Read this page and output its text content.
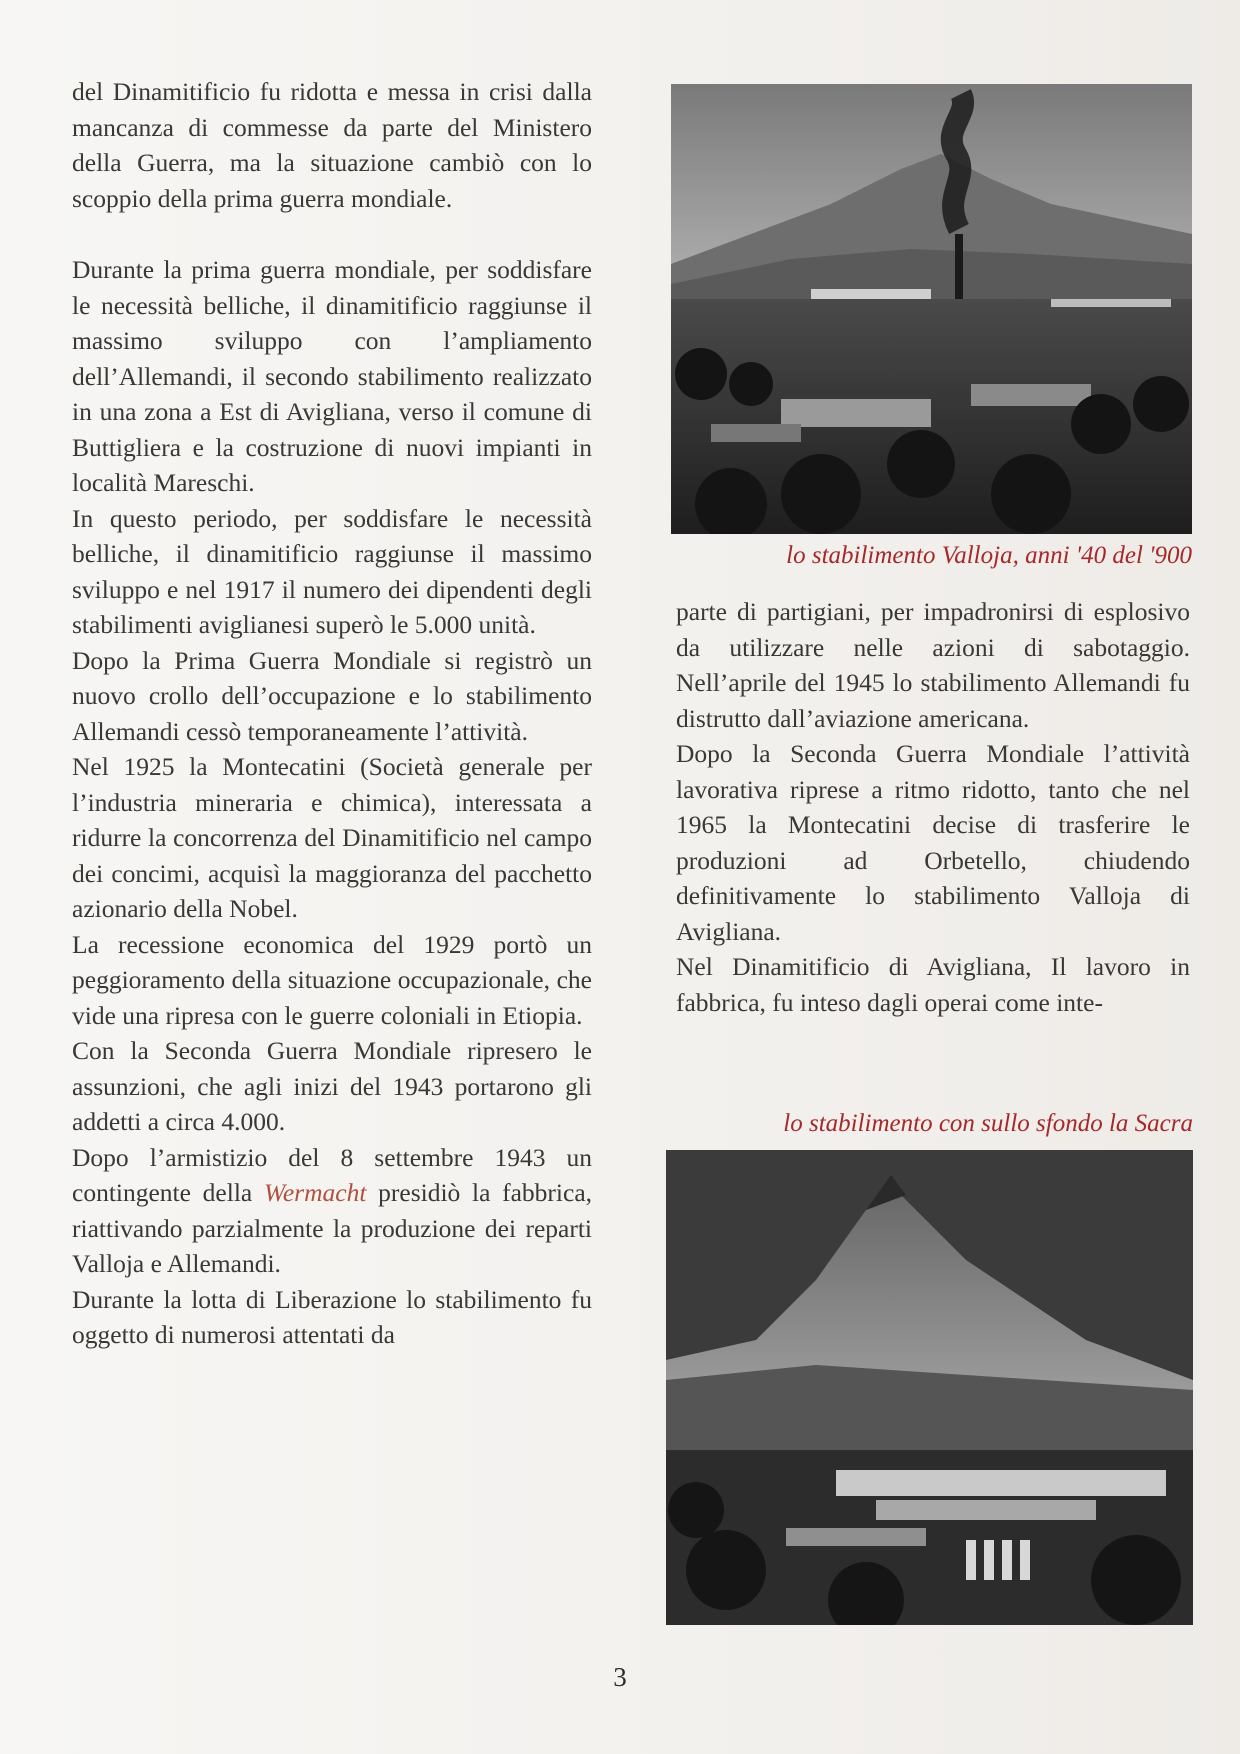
del Dinamitificio fu ridotta e messa in crisi dalla mancanza di commesse da parte del Ministero della Guerra, ma la situazione cambiò con lo scoppio della prima guerra mondiale.

Durante la prima guerra mondiale, per soddisfare le necessità belliche, il dinamitificio raggiunse il massimo sviluppo con l’ampliamento dell’Allemandi, il secondo stabilimento realizzato in una zona a Est di Avigliana, verso il comune di Buttigliera e la costruzione di nuovi impianti in località Mareschi.

In questo periodo, per soddisfare le necessità belliche, il dinamitificio raggiunse il massimo sviluppo e nel 1917 il numero dei dipendenti degli stabilimenti aviglianesi superò le 5.000 unità.

Dopo la Prima Guerra Mondiale si registrò un nuovo crollo dell’occupazione e lo stabilimento Allemandi cessò temporaneamente l’attività.

Nel 1925 la Montecatini (Società generale per l’industria mineraria e chimica), interessata a ridurre la concorrenza del Dinamitificio nel campo dei concimi, acquisì la maggioranza del pacchetto azionario della Nobel.

La recessione economica del 1929 portò un peggioramento della situazione occupazionale, che vide una ripresa con le guerre coloniali in Etiopia.

Con la Seconda Guerra Mondiale ripresero le assunzioni, che agli inizi del 1943 portarono gli addetti a circa 4.000.

Dopo l’armistizio del 8 settembre 1943 un contingente della Wermacht presidiò la fabbrica, riattivando parzialmente la produzione dei reparti Valloja e Allemandi.

Durante la lotta di Liberazione lo stabilimento fu oggetto di numerosi attentati da

lo stabilimento Valloja, anni '40 del '900

parte di partigiani, per impadronirsi di esplosivo da utilizzare nelle azioni di sabotaggio. Nell’aprile del 1945 lo stabilimento Allemandi fu distrutto dall’aviazione americana.

Dopo la Seconda Guerra Mondiale l’attività lavorativa riprese a ritmo ridotto, tanto che nel 1965 la Montecatini decise di trasferire le produzioni ad Orbetello, chiudendo definitivamente lo stabilimento Valloja di Avigliana.

Nel Dinamitificio di Avigliana, Il lavoro in fabbrica, fu inteso dagli operai come inte-

lo stabilimento con sullo sfondo la Sacra
3
